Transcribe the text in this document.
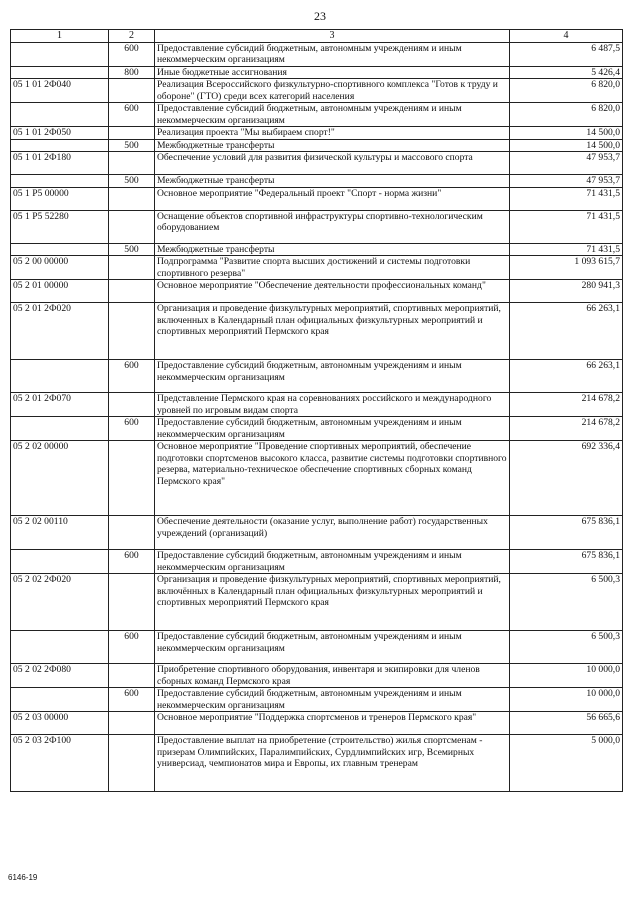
23
1	2	3	4
	600	Предоставление субсидий бюджетным, автономным учреждениям и иным некоммерческим организациям	6 487,5
	800	Иные бюджетные ассигнования	5 426,4
05 1 01 2Ф040		Реализация Всероссийского физкультурно-спортивного комплекса "Готов к труду и обороне" (ГТО) среди всех категорий населения	6 820,0
	600	Предоставление субсидий бюджетным, автономным учреждениям и иным некоммерческим организациям	6 820,0
05 1 01 2Ф050		Реализация проекта "Мы выбираем спорт!"	14 500,0
	500	Межбюджетные трансферты	14 500,0
05 1 01 2Ф180		Обеспечение условий для развития физической культуры и массового спорта	47 953,7
	500	Межбюджетные трансферты	47 953,7
05 1 P5 00000		Основное мероприятие "Федеральный проект "Спорт - норма жизни"	71 431,5
05 1 P5 52280		Оснащение объектов спортивной инфраструктуры спортивно-технологическим оборудованием	71 431,5
	500	Межбюджетные трансферты	71 431,5
05 2 00 00000		Подпрограмма "Развитие спорта высших достижений и системы подготовки спортивного резерва"	1 093 615,7
05 2 01 00000		Основное мероприятие "Обеспечение деятельности профессиональных команд"	280 941,3
05 2 01 2Ф020		Организация и проведение физкультурных мероприятий, спортивных мероприятий, включенных в Календарный план официальных физкультурных мероприятий и спортивных мероприятий Пермского края	66 263,1
	600	Предоставление субсидий бюджетным, автономным учреждениям и иным некоммерческим организациям	66 263,1
05 2 01 2Ф070		Представление Пермского края на соревнованиях российского и международного уровней по игровым видам спорта	214 678,2
	600	Предоставление субсидий бюджетным, автономным учреждениям и иным некоммерческим организациям	214 678,2
05 2 02 00000		Основное мероприятие "Проведение спортивных мероприятий, обеспечение подготовки спортсменов высокого класса, развитие системы подготовки спортивного резерва, материально-техническое обеспечение спортивных сборных команд Пермского края"	692 336,4
05 2 02 00110		Обеспечение деятельности (оказание услуг, выполнение работ) государственных учреждений (организаций)	675 836,1
	600	Предоставление субсидий бюджетным, автономным учреждениям и иным некоммерческим организациям	675 836,1
05 2 02 2Ф020		Организация и проведение физкультурных мероприятий, спортивных мероприятий, включённых в Календарный план официальных физкультурных мероприятий и спортивных мероприятий Пермского края	6 500,3
	600	Предоставление субсидий бюджетным, автономным учреждениям и иным некоммерческим организациям	6 500,3
05 2 02 2Ф080		Приобретение спортивного оборудования, инвентаря и экипировки для членов сборных команд Пермского края	10 000,0
	600	Предоставление субсидий бюджетным, автономным учреждениям и иным некоммерческим организациям	10 000,0
05 2 03 00000		Основное мероприятие "Поддержка спортсменов и тренеров Пермского края"	56 665,6
05 2 03 2Ф100		Предоставление выплат на приобретение (строительство) жилья спортсменам - призерам Олимпийских, Паралимпийских, Сурдлимпийских игр, Всемирных универсиад, чемпионатов мира и Европы, их главным тренерам	5 000,0
6146-19
